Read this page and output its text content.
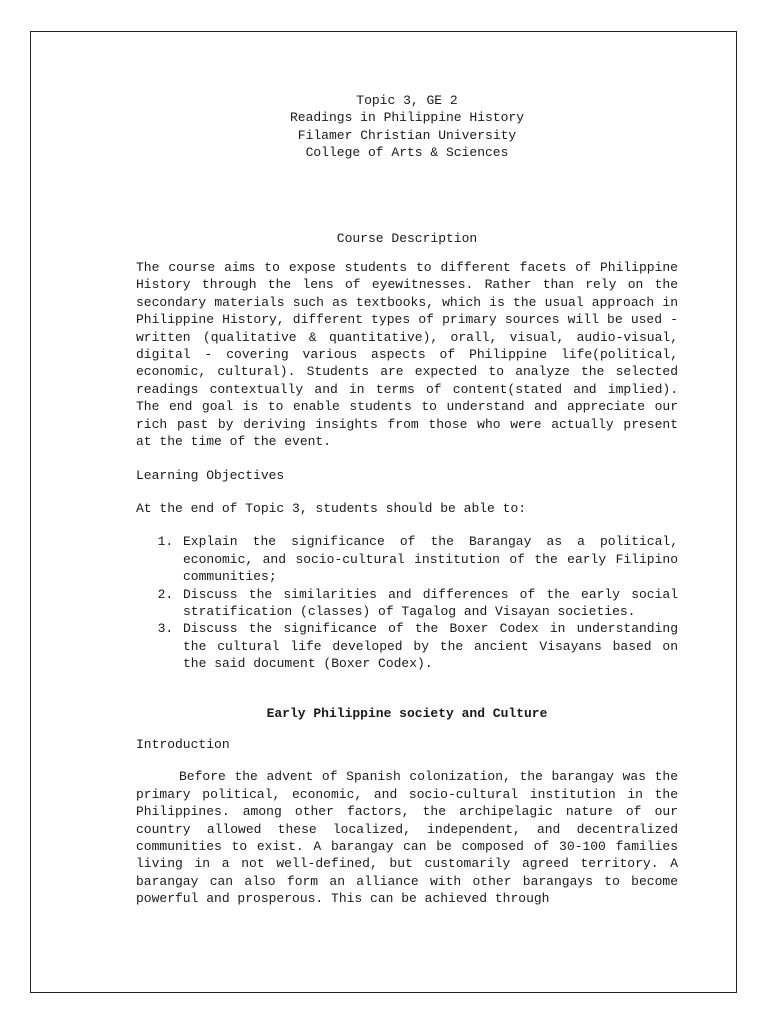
Topic 3, GE 2
Readings in Philippine History
Filamer Christian University
College of Arts & Sciences
Course Description

The course aims to expose students to different facets of Philippine History through the lens of eyewitnesses. Rather than rely on the secondary materials such as textbooks, which is the usual approach in Philippine History, different types of primary sources will be used - written (qualitative & quantitative), orall, visual, audio-visual, digital - covering various aspects of Philippine life(political, economic, cultural). Students are expected to analyze the selected readings contextually and in terms of content(stated and implied). The end goal is to enable students to understand and appreciate our rich past by deriving insights from those who were actually present at the time of the event.

Learning Objectives
At the end of Topic 3, students should be able to:
1. Explain the significance of the Barangay as a political, economic, and socio-cultural institution of the early Filipino communities;
2. Discuss the similarities and differences of the early social stratification (classes) of Tagalog and Visayan societies.
3. Discuss the significance of the Boxer Codex in understanding the cultural life developed by the ancient Visayans based on the said document (Boxer Codex).
Early Philippine society and Culture
Introduction

Before the advent of Spanish colonization, the barangay was the primary political, economic, and socio-cultural institution in the Philippines. among other factors, the archipelagic nature of our country allowed these localized, independent, and decentralized communities to exist. A barangay can be composed of 30-100 families living in a not well-defined, but customarily agreed territory. A barangay can also form an alliance with other barangays to become powerful and prosperous. This can be achieved through
